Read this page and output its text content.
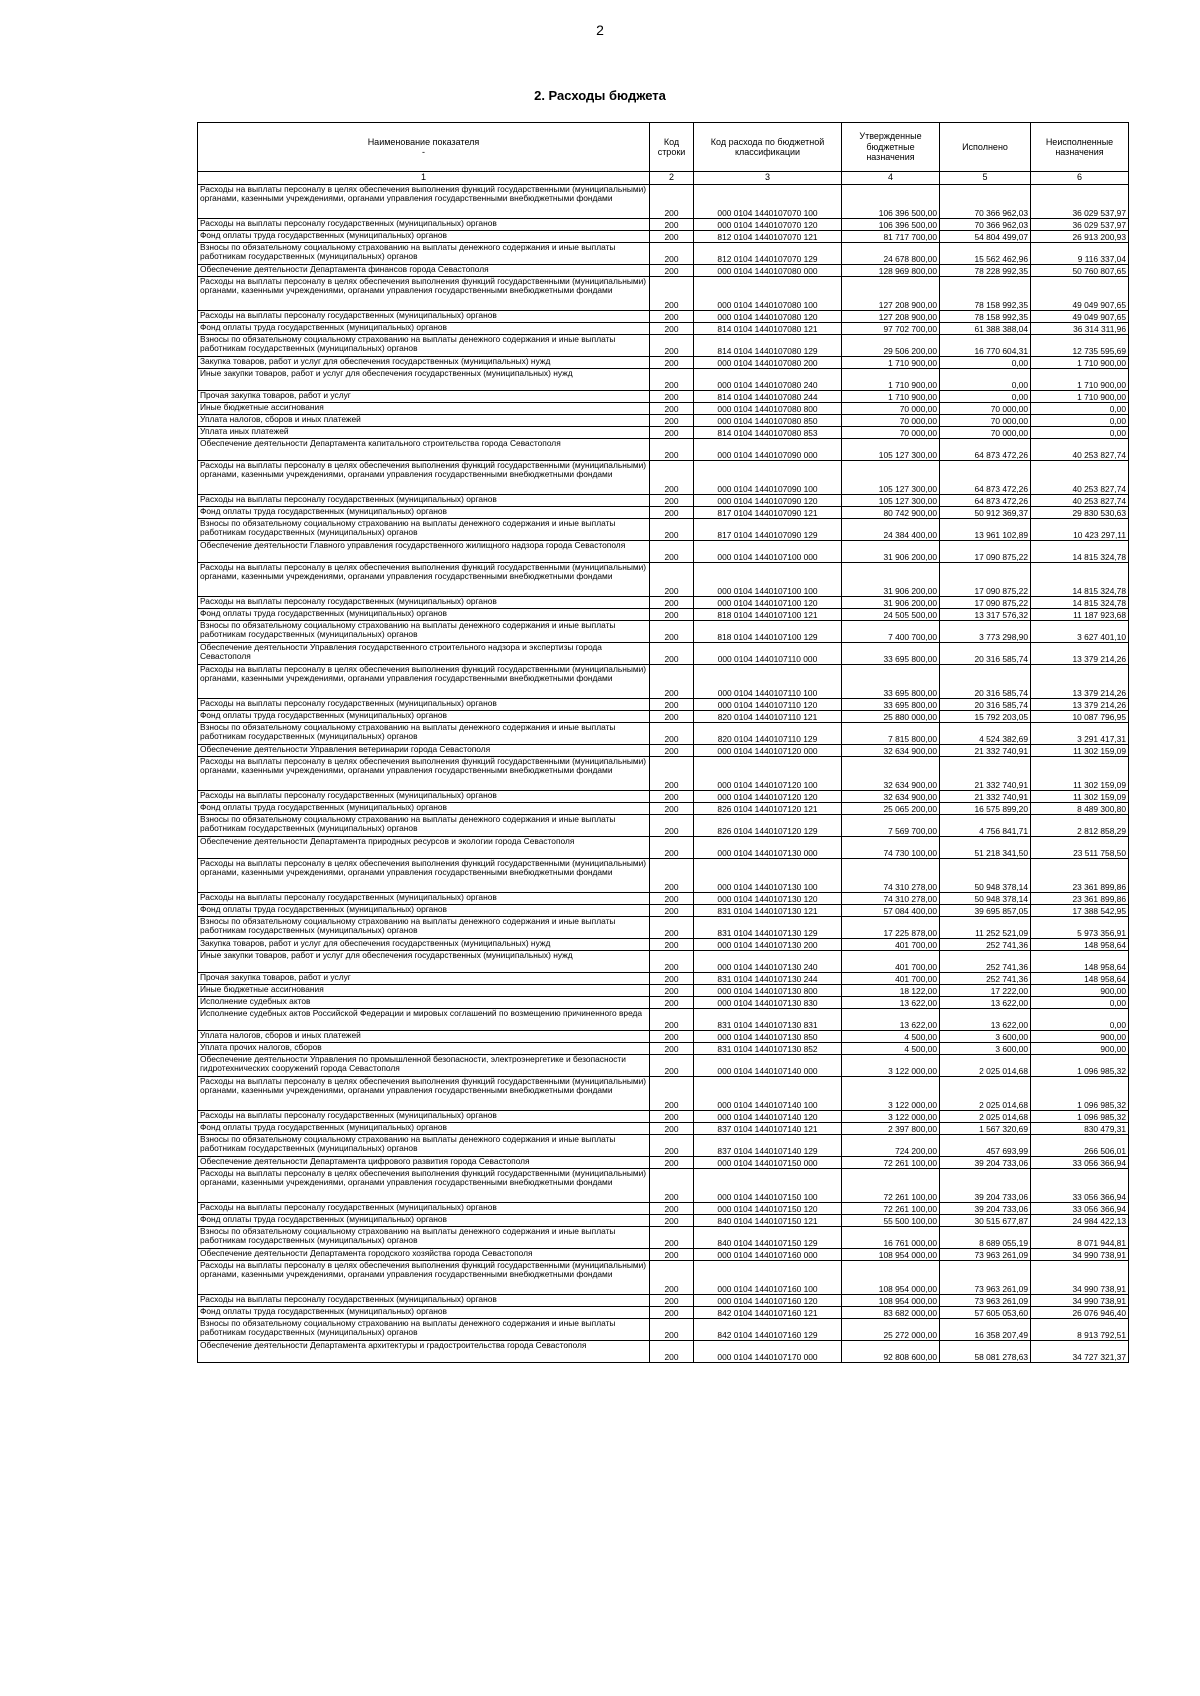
2
2. Расходы бюджета
Наименование показателя
-	Код строки	Код расхода по бюджетной классификации	Утвержденные бюджетные назначения	Исполнено	Неисполненные назначения
1	2	3	4	5	6
Расходы на выплаты персоналу в целях обеспечения выполнения функций государственными (муниципальными) органами, казенными учреждениями, органами управления государственными внебюджетными фондами	200	000 0104 1440107070 100	106 396 500,00	70 366 962,03	36 029 537,97
Расходы на выплаты персоналу государственных (муниципальных) органов	200	000 0104 1440107070 120	106 396 500,00	70 366 962,03	36 029 537,97
Фонд оплаты труда государственных (муниципальных) органов	200	812 0104 1440107070 121	81 717 700,00	54 804 499,07	26 913 200,93
Взносы по обязательному социальному страхованию на выплаты денежного содержания и иные выплаты работникам государственных (муниципальных) органов	200	812 0104 1440107070 129	24 678 800,00	15 562 462,96	9 116 337,04
Обеспечение деятельности Департамента финансов города Севастополя	200	000 0104 1440107080 000	128 969 800,00	78 228 992,35	50 760 807,65
Расходы на выплаты персоналу в целях обеспечения выполнения функций государственными (муниципальными) органами, казенными учреждениями, органами управления государственными внебюджетными фондами	200	000 0104 1440107080 100	127 208 900,00	78 158 992,35	49 049 907,65
Расходы на выплаты персоналу государственных (муниципальных) органов	200	000 0104 1440107080 120	127 208 900,00	78 158 992,35	49 049 907,65
Фонд оплаты труда государственных (муниципальных) органов	200	814 0104 1440107080 121	97 702 700,00	61 388 388,04	36 314 311,96
Взносы по обязательному социальному страхованию на выплаты денежного содержания и иные выплаты работникам государственных (муниципальных) органов	200	814 0104 1440107080 129	29 506 200,00	16 770 604,31	12 735 595,69
Закупка товаров, работ и услуг для обеспечения государственных (муниципальных) нужд	200	000 0104 1440107080 200	1 710 900,00	0,00	1 710 900,00
Иные закупки товаров, работ и услуг для обеспечения государственных (муниципальных) нужд	200	000 0104 1440107080 240	1 710 900,00	0,00	1 710 900,00
Прочая закупка товаров, работ и услуг	200	814 0104 1440107080 244	1 710 900,00	0,00	1 710 900,00
Иные бюджетные ассигнования	200	000 0104 1440107080 800	70 000,00	70 000,00	0,00
Уплата налогов, сборов и иных платежей	200	000 0104 1440107080 850	70 000,00	70 000,00	0,00
Уплата иных платежей	200	814 0104 1440107080 853	70 000,00	70 000,00	0,00
Обеспечение деятельности Департамента капитального строительства города Севастополя	200	000 0104 1440107090 000	105 127 300,00	64 873 472,26	40 253 827,74
Расходы на выплаты персоналу в целях обеспечения выполнения функций государственными (муниципальными) органами, казенными учреждениями, органами управления государственными внебюджетными фондами	200	000 0104 1440107090 100	105 127 300,00	64 873 472,26	40 253 827,74
Расходы на выплаты персоналу государственных (муниципальных) органов	200	000 0104 1440107090 120	105 127 300,00	64 873 472,26	40 253 827,74
Фонд оплаты труда государственных (муниципальных) органов	200	817 0104 1440107090 121	80 742 900,00	50 912 369,37	29 830 530,63
Взносы по обязательному социальному страхованию на выплаты денежного содержания и иные выплаты работникам государственных (муниципальных) органов	200	817 0104 1440107090 129	24 384 400,00	13 961 102,89	10 423 297,11
Обеспечение деятельности Главного управления государственного жилищного надзора города Севастополя	200	000 0104 1440107100 000	31 906 200,00	17 090 875,22	14 815 324,78
Расходы на выплаты персоналу в целях обеспечения выполнения функций государственными (муниципальными) органами, казенными учреждениями, органами управления государственными внебюджетными фондами	200	000 0104 1440107100 100	31 906 200,00	17 090 875,22	14 815 324,78
Расходы на выплаты персоналу государственных (муниципальных) органов	200	000 0104 1440107100 120	31 906 200,00	17 090 875,22	14 815 324,78
Фонд оплаты труда государственных (муниципальных) органов	200	818 0104 1440107100 121	24 505 500,00	13 317 576,32	11 187 923,68
Взносы по обязательному социальному страхованию на выплаты денежного содержания и иные выплаты работникам государственных (муниципальных) органов	200	818 0104 1440107100 129	7 400 700,00	3 773 298,90	3 627 401,10
Обеспечение деятельности Управления государственного строительного надзора и экспертизы города Севастополя	200	000 0104 1440107110 000	33 695 800,00	20 316 585,74	13 379 214,26
Расходы на выплаты персоналу в целях обеспечения выполнения функций государственными (муниципальными) органами, казенными учреждениями, органами управления государственными внебюджетными фондами	200	000 0104 1440107110 100	33 695 800,00	20 316 585,74	13 379 214,26
Расходы на выплаты персоналу государственных (муниципальных) органов	200	000 0104 1440107110 120	33 695 800,00	20 316 585,74	13 379 214,26
Фонд оплаты труда государственных (муниципальных) органов	200	820 0104 1440107110 121	25 880 000,00	15 792 203,05	10 087 796,95
Взносы по обязательному социальному страхованию на выплаты денежного содержания и иные выплаты работникам государственных (муниципальных) органов	200	820 0104 1440107110 129	7 815 800,00	4 524 382,69	3 291 417,31
Обеспечение деятельности Управления ветеринарии города Севастополя	200	000 0104 1440107120 000	32 634 900,00	21 332 740,91	11 302 159,09
Расходы на выплаты персоналу в целях обеспечения выполнения функций государственными (муниципальными) органами, казенными учреждениями, органами управления государственными внебюджетными фондами	200	000 0104 1440107120 100	32 634 900,00	21 332 740,91	11 302 159,09
Расходы на выплаты персоналу государственных (муниципальных) органов	200	000 0104 1440107120 120	32 634 900,00	21 332 740,91	11 302 159,09
Фонд оплаты труда государственных (муниципальных) органов	200	826 0104 1440107120 121	25 065 200,00	16 575 899,20	8 489 300,80
Взносы по обязательному социальному страхованию на выплаты денежного содержания и иные выплаты работникам государственных (муниципальных) органов	200	826 0104 1440107120 129	7 569 700,00	4 756 841,71	2 812 858,29
Обеспечение деятельности Департамента природных ресурсов и экологии города Севастополя	200	000 0104 1440107130 000	74 730 100,00	51 218 341,50	23 511 758,50
Расходы на выплаты персоналу в целях обеспечения выполнения функций государственными (муниципальными) органами, казенными учреждениями, органами управления государственными внебюджетными фондами	200	000 0104 1440107130 100	74 310 278,00	50 948 378,14	23 361 899,86
Расходы на выплаты персоналу государственных (муниципальных) органов	200	000 0104 1440107130 120	74 310 278,00	50 948 378,14	23 361 899,86
Фонд оплаты труда государственных (муниципальных) органов	200	831 0104 1440107130 121	57 084 400,00	39 695 857,05	17 388 542,95
Взносы по обязательному социальному страхованию на выплаты денежного содержания и иные выплаты работникам государственных (муниципальных) органов	200	831 0104 1440107130 129	17 225 878,00	11 252 521,09	5 973 356,91
Закупка товаров, работ и услуг для обеспечения государственных (муниципальных) нужд	200	000 0104 1440107130 200	401 700,00	252 741,36	148 958,64
Иные закупки товаров, работ и услуг для обеспечения государственных (муниципальных) нужд	200	000 0104 1440107130 240	401 700,00	252 741,36	148 958,64
Прочая закупка товаров, работ и услуг	200	831 0104 1440107130 244	401 700,00	252 741,36	148 958,64
Иные бюджетные ассигнования	200	000 0104 1440107130 800	18 122,00	17 222,00	900,00
Исполнение судебных актов	200	000 0104 1440107130 830	13 622,00	13 622,00	0,00
Исполнение судебных актов Российской Федерации и мировых соглашений по возмещению причиненного вреда	200	831 0104 1440107130 831	13 622,00	13 622,00	0,00
Уплата налогов, сборов и иных платежей	200	000 0104 1440107130 850	4 500,00	3 600,00	900,00
Уплата прочих налогов, сборов	200	831 0104 1440107130 852	4 500,00	3 600,00	900,00
Обеспечение деятельности Управления по промышленной безопасности, электроэнергетике и безопасности гидротехнических сооружений города Севастополя	200	000 0104 1440107140 000	3 122 000,00	2 025 014,68	1 096 985,32
Расходы на выплаты персоналу в целях обеспечения выполнения функций государственными (муниципальными) органами, казенными учреждениями, органами управления государственными внебюджетными фондами	200	000 0104 1440107140 100	3 122 000,00	2 025 014,68	1 096 985,32
Расходы на выплаты персоналу государственных (муниципальных) органов	200	000 0104 1440107140 120	3 122 000,00	2 025 014,68	1 096 985,32
Фонд оплаты труда государственных (муниципальных) органов	200	837 0104 1440107140 121	2 397 800,00	1 567 320,69	830 479,31
Взносы по обязательному социальному страхованию на выплаты денежного содержания и иные выплаты работникам государственных (муниципальных) органов	200	837 0104 1440107140 129	724 200,00	457 693,99	266 506,01
Обеспечение деятельности Департамента цифрового развития города Севастополя	200	000 0104 1440107150 000	72 261 100,00	39 204 733,06	33 056 366,94
Расходы на выплаты персоналу в целях обеспечения выполнения функций государственными (муниципальными) органами, казенными учреждениями, органами управления государственными внебюджетными фондами	200	000 0104 1440107150 100	72 261 100,00	39 204 733,06	33 056 366,94
Расходы на выплаты персоналу государственных (муниципальных) органов	200	000 0104 1440107150 120	72 261 100,00	39 204 733,06	33 056 366,94
Фонд оплаты труда государственных (муниципальных) органов	200	840 0104 1440107150 121	55 500 100,00	30 515 677,87	24 984 422,13
Взносы по обязательному социальному страхованию на выплаты денежного содержания и иные выплаты работникам государственных (муниципальных) органов	200	840 0104 1440107150 129	16 761 000,00	8 689 055,19	8 071 944,81
Обеспечение деятельности Департамента городского хозяйства города Севастополя	200	000 0104 1440107160 000	108 954 000,00	73 963 261,09	34 990 738,91
Расходы на выплаты персоналу в целях обеспечения выполнения функций государственными (муниципальными) органами, казенными учреждениями, органами управления государственными внебюджетными фондами	200	000 0104 1440107160 100	108 954 000,00	73 963 261,09	34 990 738,91
Расходы на выплаты персоналу государственных (муниципальных) органов	200	000 0104 1440107160 120	108 954 000,00	73 963 261,09	34 990 738,91
Фонд оплаты труда государственных (муниципальных) органов	200	842 0104 1440107160 121	83 682 000,00	57 605 053,60	26 076 946,40
Взносы по обязательному социальному страхованию на выплаты денежного содержания и иные выплаты работникам государственных (муниципальных) органов	200	842 0104 1440107160 129	25 272 000,00	16 358 207,49	8 913 792,51
Обеспечение деятельности Департамента архитектуры и градостроительства города Севастополя	200	000 0104 1440107170 000	92 808 600,00	58 081 278,63	34 727 321,37
